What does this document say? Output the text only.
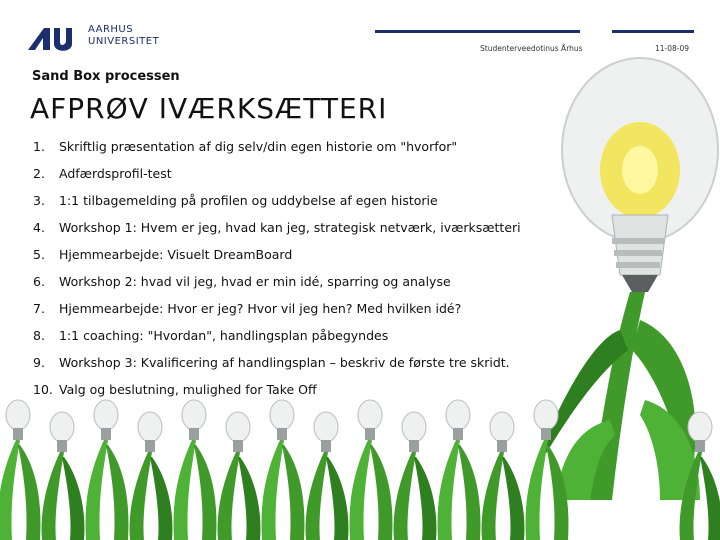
AARHUS
UNIVERSITET
Studenterveedotinus Århus	11-08-09
Sand Box processen
AFPRØV IVÆRKSÆTTERI
1.	Skriftlig præsentation af dig selv/din egen historie om "hvorfor"
2.	Adfærdsprofil-test
3.	1:1 tilbagemelding på profilen og uddybelse af egen historie
4.	Workshop 1: Hvem er jeg, hvad kan jeg, strategisk netværk, iværksætteri
5.	Hjemmearbejde: Visuelt DreamBoard
6.	Workshop 2: hvad vil jeg, hvad er min idé, sparring og analyse
7.	Hjemmearbejde: Hvor er jeg? Hvor vil jeg hen? Med hvilken idé?
8.	1:1 coaching: "Hvordan", handlingsplan påbegyndes
9.	Workshop 3: Kvalificering af handlingsplan – beskriv de første tre skridt.
10. Valg og beslutning, mulighed for Take Off
